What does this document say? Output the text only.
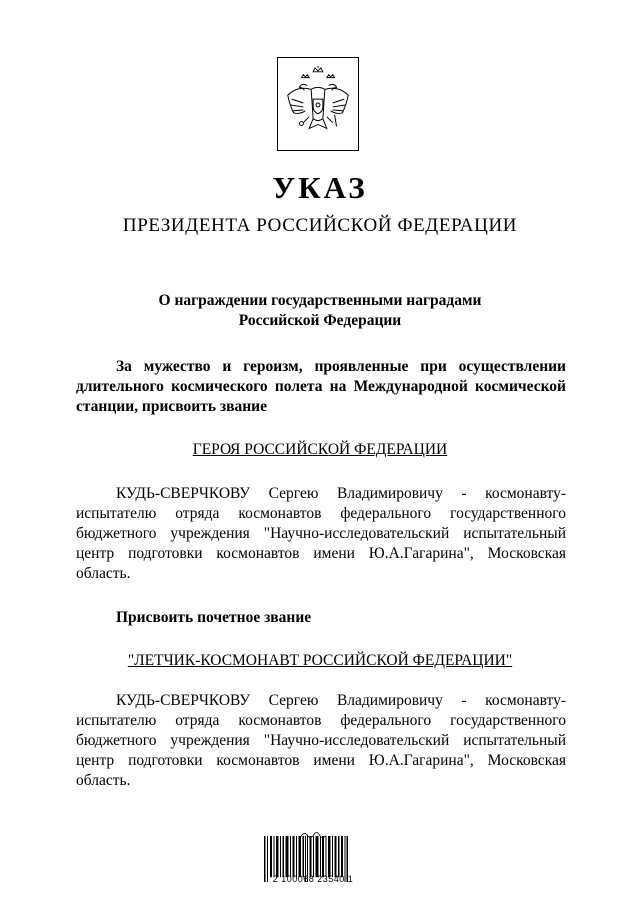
УКАЗ
ПРЕЗИДЕНТА РОССИЙСКОЙ ФЕДЕРАЦИИ
О награждении государственными наградами
Российской Федерации

За мужество и героизм, проявленные при осуществлении длительного космического полета на Международной космической станции, присвоить звание

ГЕРОЯ РОССИЙСКОЙ ФЕДЕРАЦИИ

КУДЬ-СВЕРЧКОВУ Сергею Владимировичу - космонавту-испытателю отряда космонавтов федерального государственного бюджетного учреждения "Научно-исследовательский испытательный центр подготовки космонавтов имени Ю.А.Гагарина", Московская область.

Присвоить почетное звание

"ЛЕТЧИК-КОСМОНАВТ РОССИЙСКОЙ ФЕДЕРАЦИИ"

КУДЬ-СВЕРЧКОВУ Сергею Владимировичу - космонавту-испытателю отряда космонавтов федерального государственного бюджетного учреждения "Научно-исследовательский испытательный центр подготовки космонавтов имени Ю.А.Гагарина", Московская область.

2 100068 23540 1
